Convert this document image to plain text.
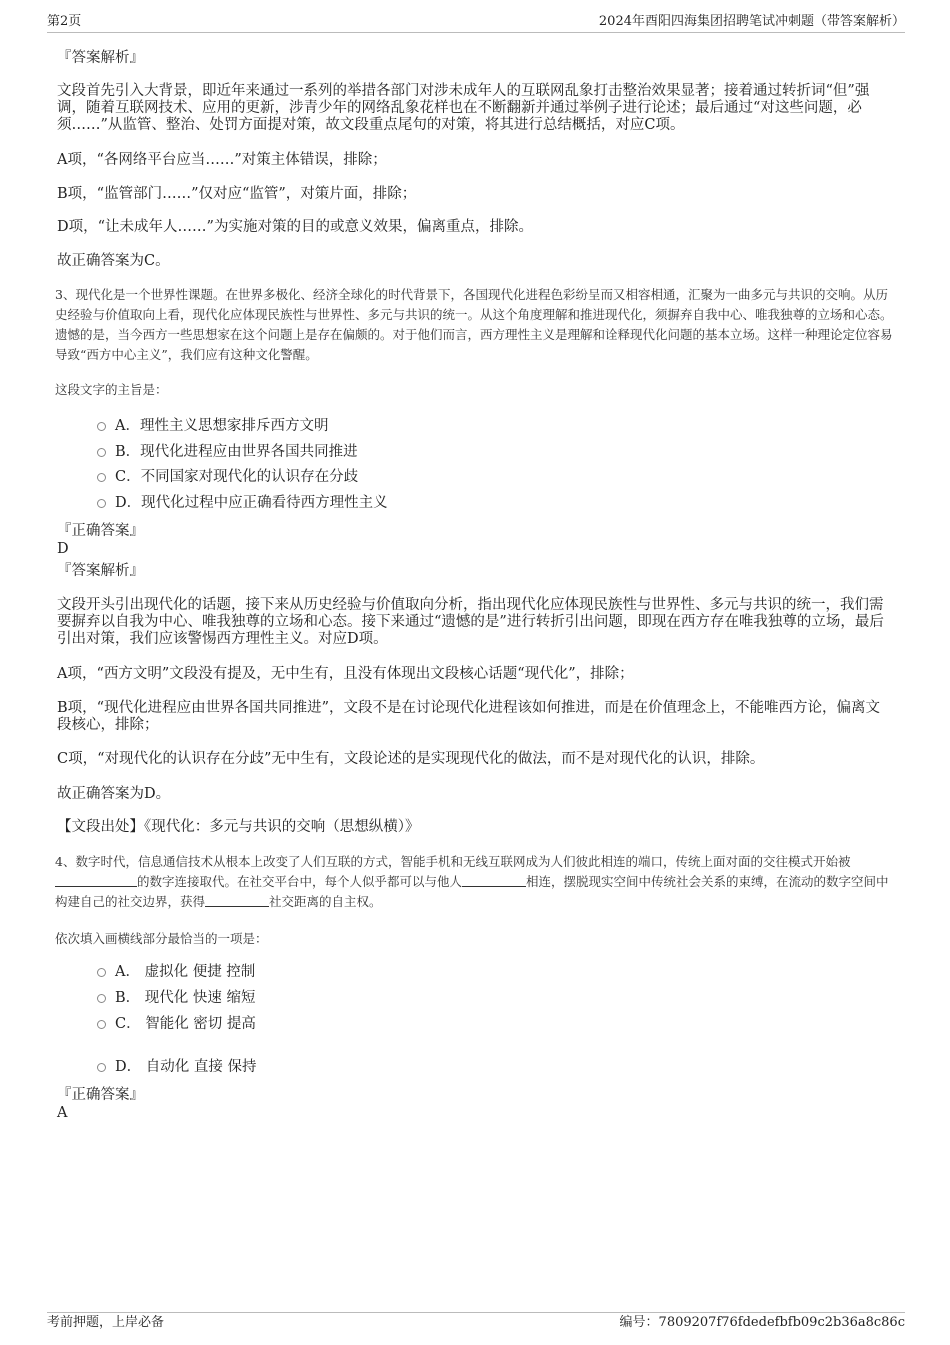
第2页	2024年酉阳四海集团招聘笔试冲刺题（带答案解析）
『答案解析』
文段首先引入大背景，即近年来通过一系列的举措各部门对涉未成年人的互联网乱象打击整治效果显著；接着通过转折词“但”强调，随着互联网技术、应用的更新，涉青少年的网络乱象花样也在不断翻新并通过举例子进行论述；最后通过“对这些问题，必须……”从监管、整治、处罚方面提对策，故文段重点尾句的对策，将其进行总结概括，对应C项。
A项，“各网络平台应当……”对策主体错误，排除；
B项，“监管部门……”仅对应“监管”，对策片面，排除；
D项，“让未成年人……”为实施对策的目的或意义效果，偏离重点，排除。
故正确答案为C。
3、现代化是一个世界性课题。在世界多极化、经济全球化的时代背景下，各国现代化进程色彩纷呈而又相容相通，汇聚为一曲多元与共识的交响。从历史经验与价值取向上看，现代化应体现民族性与世界性、多元与共识的统一。从这个角度理解和推进现代化，须摒弃自我中心、唯我独尊的立场和心态。遗憾的是，当今西方一些思想家在这个问题上是存在偏颇的。对于他们而言，西方理性主义是理解和诠释现代化问题的基本立场。这样一种理论定位容易导致“西方中心主义”，我们应有这种文化警醒。
这段文字的主旨是：
A．理性主义思想家排斥西方文明
B．现代化进程应由世界各国共同推进
C．不同国家对现代化的认识存在分歧
D．现代化过程中应正确看待西方理性主义
『正确答案』
D
『答案解析』
文段开头引出现代化的话题，接下来从历史经验与价值取向分析，指出现代化应体现民族性与世界性、多元与共识的统一，我们需要摒弃以自我为中心、唯我独尊的立场和心态。接下来通过“遗憾的是”进行转折引出问题，即现在西方存在唯我独尊的立场，最后引出对策，我们应该警惕西方理性主义。对应D项。
A项，“西方文明”文段没有提及，无中生有，且没有体现出文段核心话题“现代化”，排除；
B项，“现代化进程应由世界各国共同推进”，文段不是在讨论现代化进程该如何推进，而是在价值理念上，不能唯西方论，偏离文段核心，排除；
C项，“对现代化的认识存在分歧”无中生有，文段论述的是实现现代化的做法，而不是对现代化的认识，排除。
故正确答案为D。
【文段出处】《现代化：多元与共识的交响（思想纵横）》
4、数字时代，信息通信技术从根本上改变了人们互联的方式，智能手机和无线互联网成为人们彼此相连的端口，传统上面对面的交往模式开始被的数字连接取代。在社交平台中，每个人似乎都可以与他人	相连，摆脱现实空间中传统社会关系的束缚，在流动的数字空间中构建自己的社交边界，获得	社交距离的自主权。
依次填入画横线部分最恰当的一项是：
A． 虚拟化 便捷 控制
B． 现代化 快速 缩短
C． 智能化 密切 提高
D． 自动化 直接 保持
『正确答案』
A
考前押题，上岸必备	编号：7809207f76fdedefbfb09c2b36a8c86c
